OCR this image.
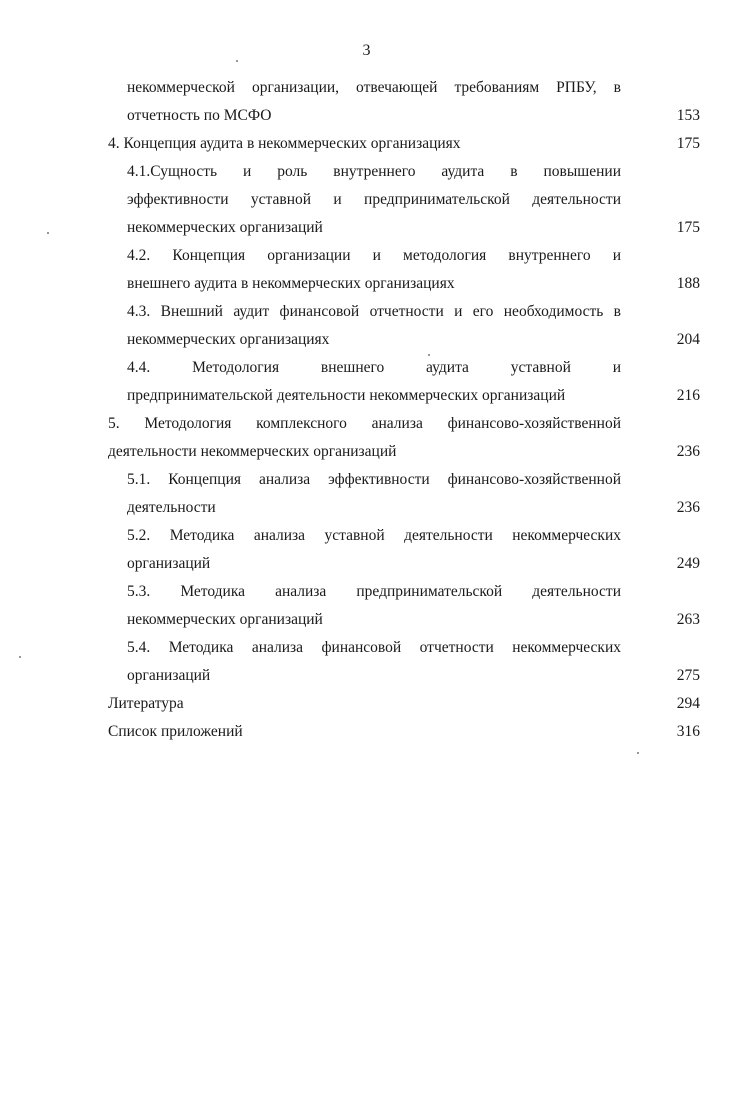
3
некоммерческой организации, отвечающей требованиям РПБУ, в
отчетность по МСФО	153
4. Концепция аудита в некоммерческих организациях	175
4.1.Сущность и роль внутреннего аудита в повышении
эффективности уставной и предпринимательской деятельности
некоммерческих организаций	175
4.2. Концепция организации и методология внутреннего и
внешнего аудита в некоммерческих организациях	188
4.3. Внешний аудит финансовой отчетности и его необходимость в
некоммерческих организациях	204
4.4. Методология внешнего аудита уставной и
предпринимательской деятельности некоммерческих организаций	216
5. Методология комплексного анализа финансово-хозяйственной
деятельности некоммерческих организаций	236
5.1. Концепция анализа эффективности финансово-хозяйственной
деятельности	236
5.2. Методика анализа уставной деятельности некоммерческих
организаций	249
5.3. Методика анализа предпринимательской деятельности
некоммерческих организаций	263
5.4. Методика анализа финансовой отчетности некоммерческих
организаций	275
Литература	294
Список приложений	316
